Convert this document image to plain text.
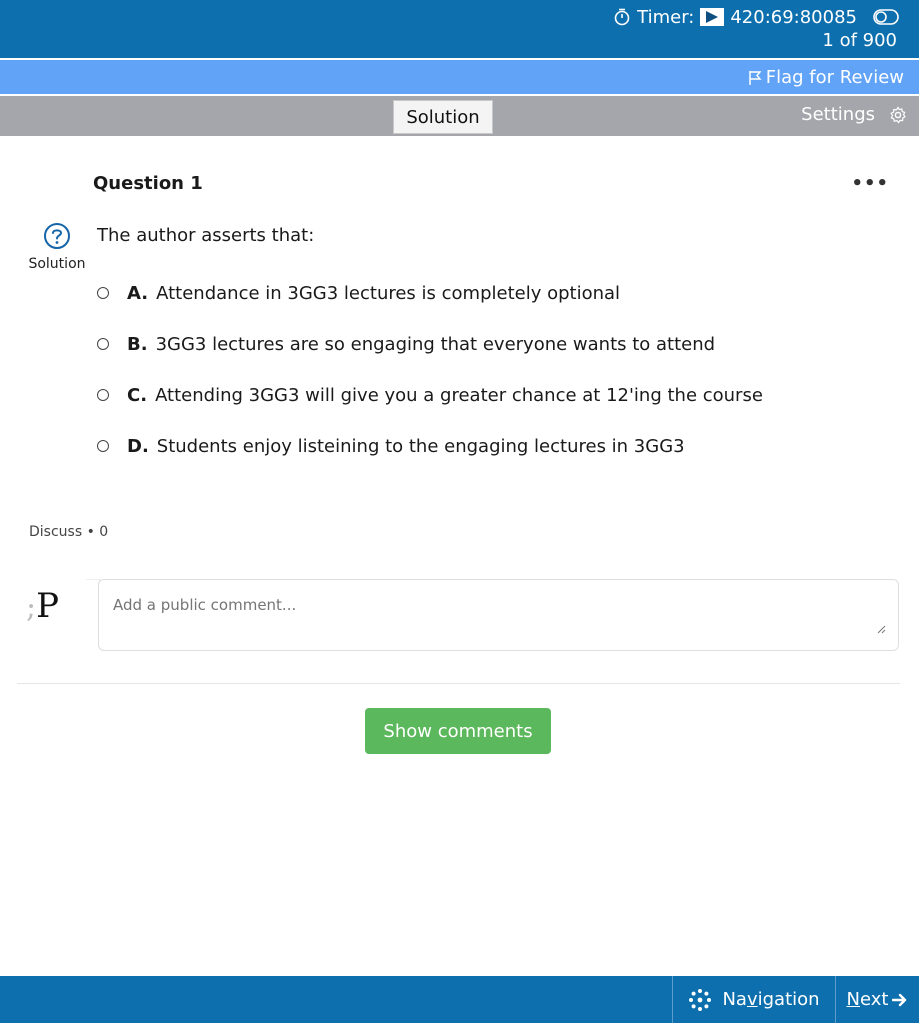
Timer: 420:69:80085
1 of 900
Flag for Review
Solution	Settings
Question 1	•••
Solution
The author asserts that:
A. Attendance in 3GG3 lectures is completely optional
B. 3GG3 lectures are so engaging that everyone wants to attend
C. Attending 3GG3 will give you a greater chance at 12'ing the course
D. Students enjoy listeining to the engaging lectures in 3GG3
Discuss • 0
;P
Add a public comment...
Show comments
Navigation Next
